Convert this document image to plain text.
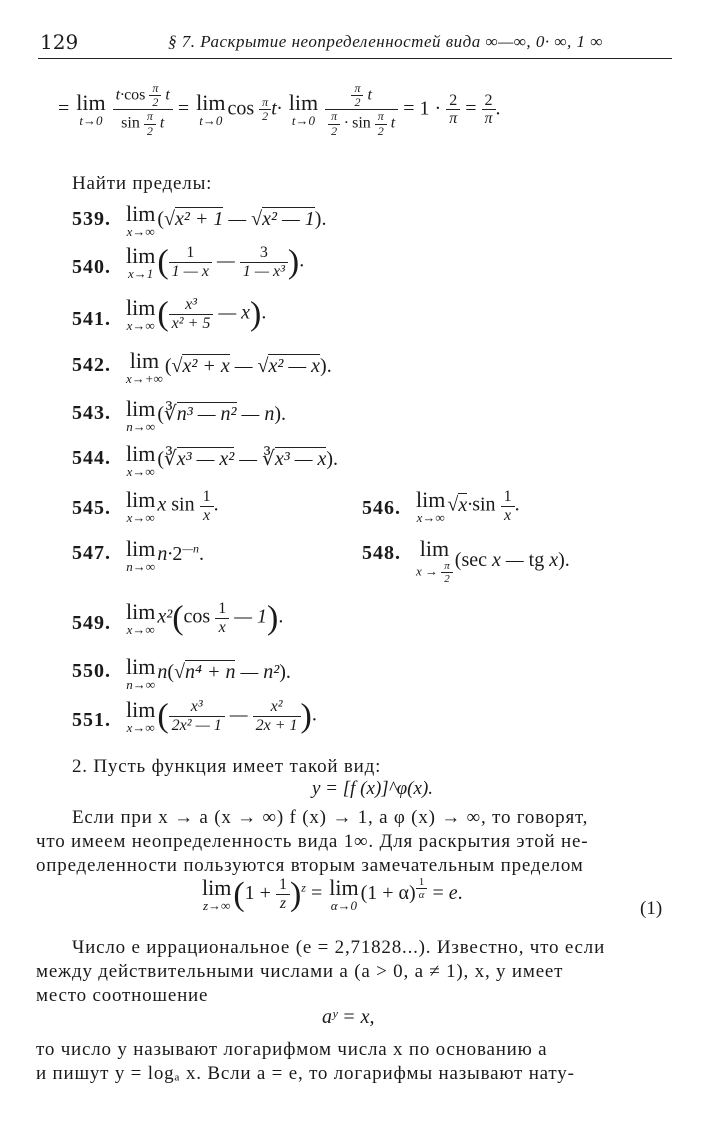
129	§ 7. Раскрытие неопределенностей вида ∞—∞, 0· ∞, 1 ∞
= lim
t→0
$\frac{t\cdot\cos \frac{\pi}{2} t}{\sin \frac{\pi}{2} t} = \lim$
t→0
$\cos \frac{\pi}{2} t\cdot \lim$
t→0
$\frac{\frac{\pi}{2} t}{\frac{\pi}{2} \cdot \sin \frac{\pi}{2} t} = 1 \cdot \frac{2}{\pi} = \frac{2}{\pi}$ .
Найти пределы:
539. lim
x→∞
(√x² + 1 — √x² — 1).
540. lim
x→1 ( $\frac{1}{1 — x}$ — $\frac{3}{\text{1 — x³}}$ ).
541. lim
x→∞ ( $\frac{\text{x³}}{\text{x² + 5}}$ — x).
542. lim
x→+∞
(√x² + x — √x² — x).
543. lim
n→∞
(∛n³ — n² — n).
544. lim
x→∞
(∛x³ — x² — ∛x³ — x).
545. lim
x→∞
x $\sin \frac{1}{x}$ .	546. lim
x→∞
$√x\cdot\sin \frac{1}{x}$ .
547. lim
n→∞
$n\cdot 2^{—n}$.	548. lim
$x \to \frac{\pi}{2} (\sec$ x — tg x).
549. lim
x→∞
$x^2(\cos \frac{1}{x}$ — 1).
550. lim
n→∞
n(√n⁴ + n — n²).
551. lim
x→∞ ( $\frac{\text{x³}}{\text{2x² — 1}}$ — $\frac{\text{x²}}{2x + 1}$ ).
2. Пусть функция имеет такой вид:
y = [f (x)]^φ(x).
Если при x → a (x → ∞) f (x) → 1, а φ (x) → ∞, то говорят,
что имеем неопределенность вида 1∞. Для раскрытия этой не-
определенности пользуются вторым замечательным пределом
lim
z→∞ $(1 + \frac{1}{z} )^z = \lim$
α→0
(1 + α) $^{\frac{1}{\alpha}}$ = e.
(1)
Число e иррациональное (e = 2,71828...). Известно, что если
между действительными числами a (a > 0, a ≠ 1), x, y имеет
место соотношение
aʸ = x,
то число y называют логарифмом числа x по основанию a
и пишут y = logₐ x. Вcли a = e, то логарифмы называют нату-
